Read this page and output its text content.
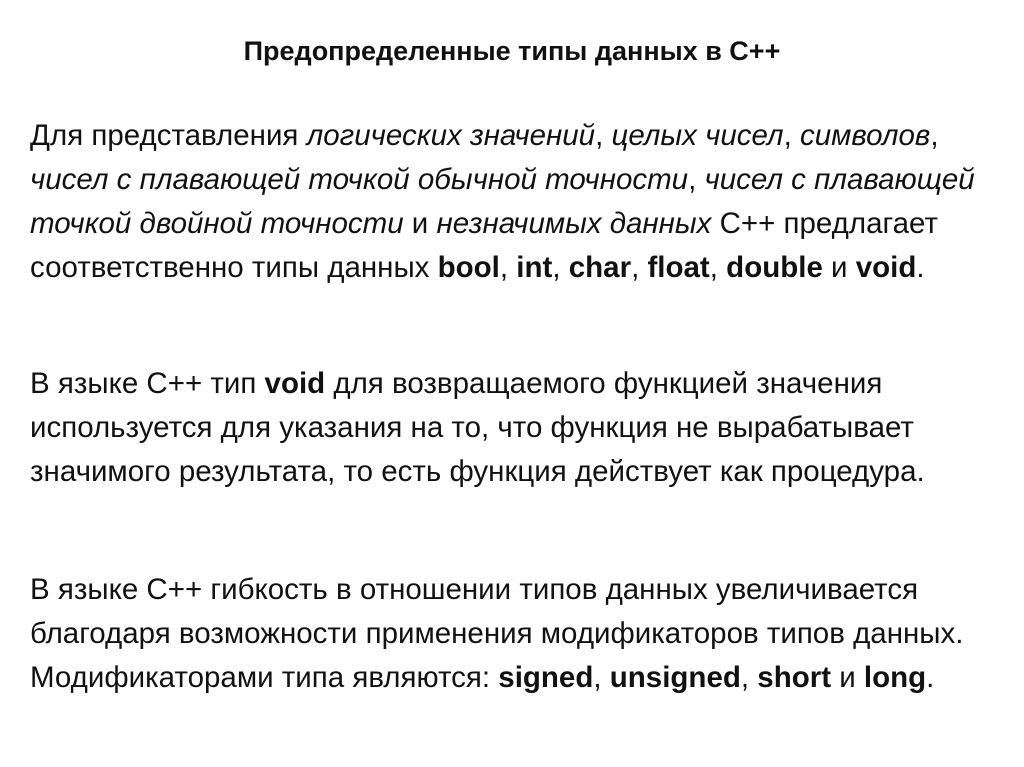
Предопределенные типы данных в C++

Для представления логических значений, целых чисел, символов, чисел с плавающей точкой обычной точности, чисел с плавающей точкой двойной точности и незначимых данных C++ предлагает соответственно типы данных bool, int, char, float, double и void.

В языке C++ тип void для возвращаемого функцией значения используется для указания на то, что функция не вырабатывает значимого результата, то есть функция действует как процедура.

В языке C++ гибкость в отношении типов данных увеличивается благодаря возможности применения модификаторов типов данных. Модификаторами типа являются: signed, unsigned, short и long.
